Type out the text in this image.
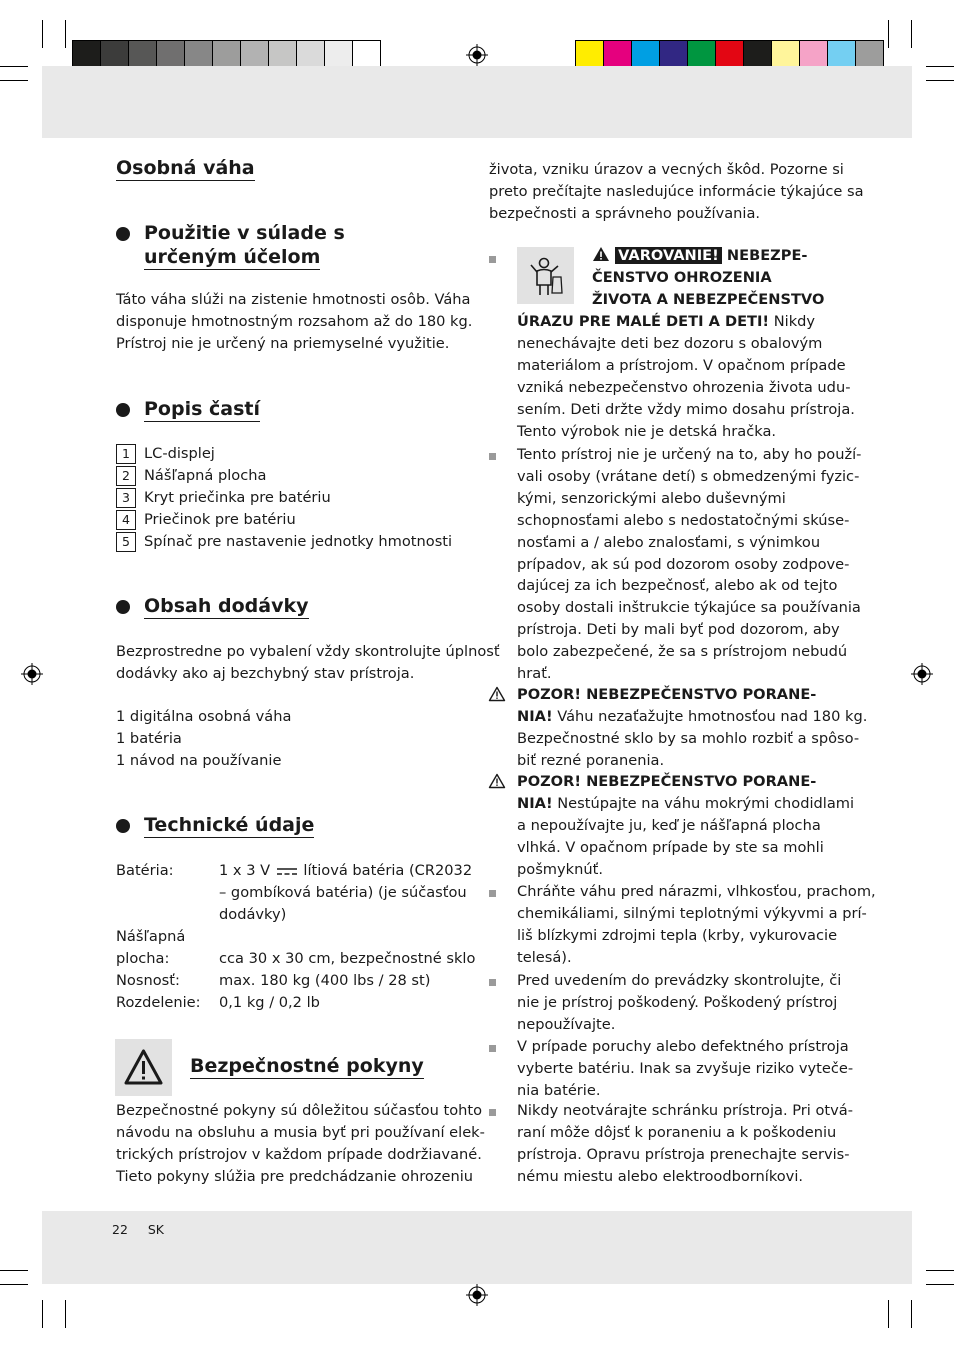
Osobná váha
Použitie v súlade s
určeným účelom

Táto váha slúži na zistenie hmotnosti osôb. Váha

disponuje hmotnostným rozsahom až do 180 kg.

Prístroj nie je určený na priemyselné využitie.

Popis častí
1 LC-displej
2 Nášľapná plocha
3 Kryt priečinka pre batériu
4 Priečinok pre batériu
5 Spínač pre nastavenie jednotky hmotnosti
Obsah dodávky

Bezprostredne po vybalení vždy skontrolujte úplnosť

dodávky ako aj bezchybný stav prístroja.

1 digitálna osobná váha

1 batéria

1 návod na používanie

Technické údaje
Batéria:	1 x 3 V lítiová batéria (CR2032
– gombíková batéria) (je súčasťou
dodávky)
Nášľapná
plocha:	cca 30 x 30 cm, bezpečnostné sklo
Nosnosť:	max. 180 kg (400 lbs / 28 st)
Rozdelenie: 0,1 kg / 0,2 lb
Bezpečnostné pokyny

Bezpečnostné pokyny sú dôležitou súčasťou tohto

návodu na obsluhu a musia byť pri používaní elek-

trických prístrojov v každom prípade dodržiavané.

Tieto pokyny slúžia pre predchádzanie ohrozeniu

života, vzniku úrazov a vecných škôd. Pozorne si

preto prečítajte nasledujúce informácie týkajúce sa

bezpečnosti a správneho používania.

VAROVANIE! NEBEZPE-
ČENSTVO OHROZENIA
ŽIVOTA A NEBEZPEČENSTVO
ÚRAZU PRE MALÉ DETI A DETI! Nikdy

nenechávajte deti bez dozoru s obalovým

materiálom a prístrojom. V opačnom prípade

vzniká nebezpečenstvo ohrozenia života udu-

sením. Deti držte vždy mimo dosahu prístroja.

Tento výrobok nie je detská hračka.

Tento prístroj nie je určený na to, aby ho použí-

vali osoby (vrátane detí) s obmedzenými fyzic-

kými, senzorickými alebo duševnými

schopnosťami alebo s nedostatočnými skúse-

nosťami a / alebo znalosťami, s výnimkou

prípadov, ak sú pod dozorom osoby zodpove-

dajúcej za ich bezpečnosť, alebo ak od tejto

osoby dostali inštrukcie týkajúce sa používania

prístroja. Deti by mali byť pod dozorom, aby

bolo zabezpečené, že sa s prístrojom nebudú

hrať.

POZOR! NEBEZPEČENSTVO PORANE-
NIA! Váhu nezaťažujte hmotnosťou nad 180 kg.

Bezpečnostné sklo by sa mohlo rozbiť a spôso-

biť rezné poranenia.

POZOR! NEBEZPEČENSTVO PORANE-
NIA! Nestúpajte na váhu mokrými chodidlami

a nepoužívajte ju, keď je nášľapná plocha

vlhká. V opačnom prípade by ste sa mohli

pošmyknúť.

Chráňte váhu pred nárazmi, vlhkosťou, prachom,

chemikáliami, silnými teplotnými výkyvmi a prí-

liš blízkymi zdrojmi tepla (krby, vykurovacie

telesá).

Pred uvedením do prevádzky skontrolujte, či

nie je prístroj poškodený. Poškodený prístroj

nepoužívajte.

V prípade poruchy alebo defektného prístroja

vyberte batériu. Inak sa zvyšuje riziko vyteče-

nia batérie.

Nikdy neotvárajte schránku prístroja. Pri otvá-

raní môže dôjsť k poraneniu a k poškodeniu

prístroja. Opravu prístroja prenechajte servis-

nému miestu alebo elektroodborníkovi.

22 SK
